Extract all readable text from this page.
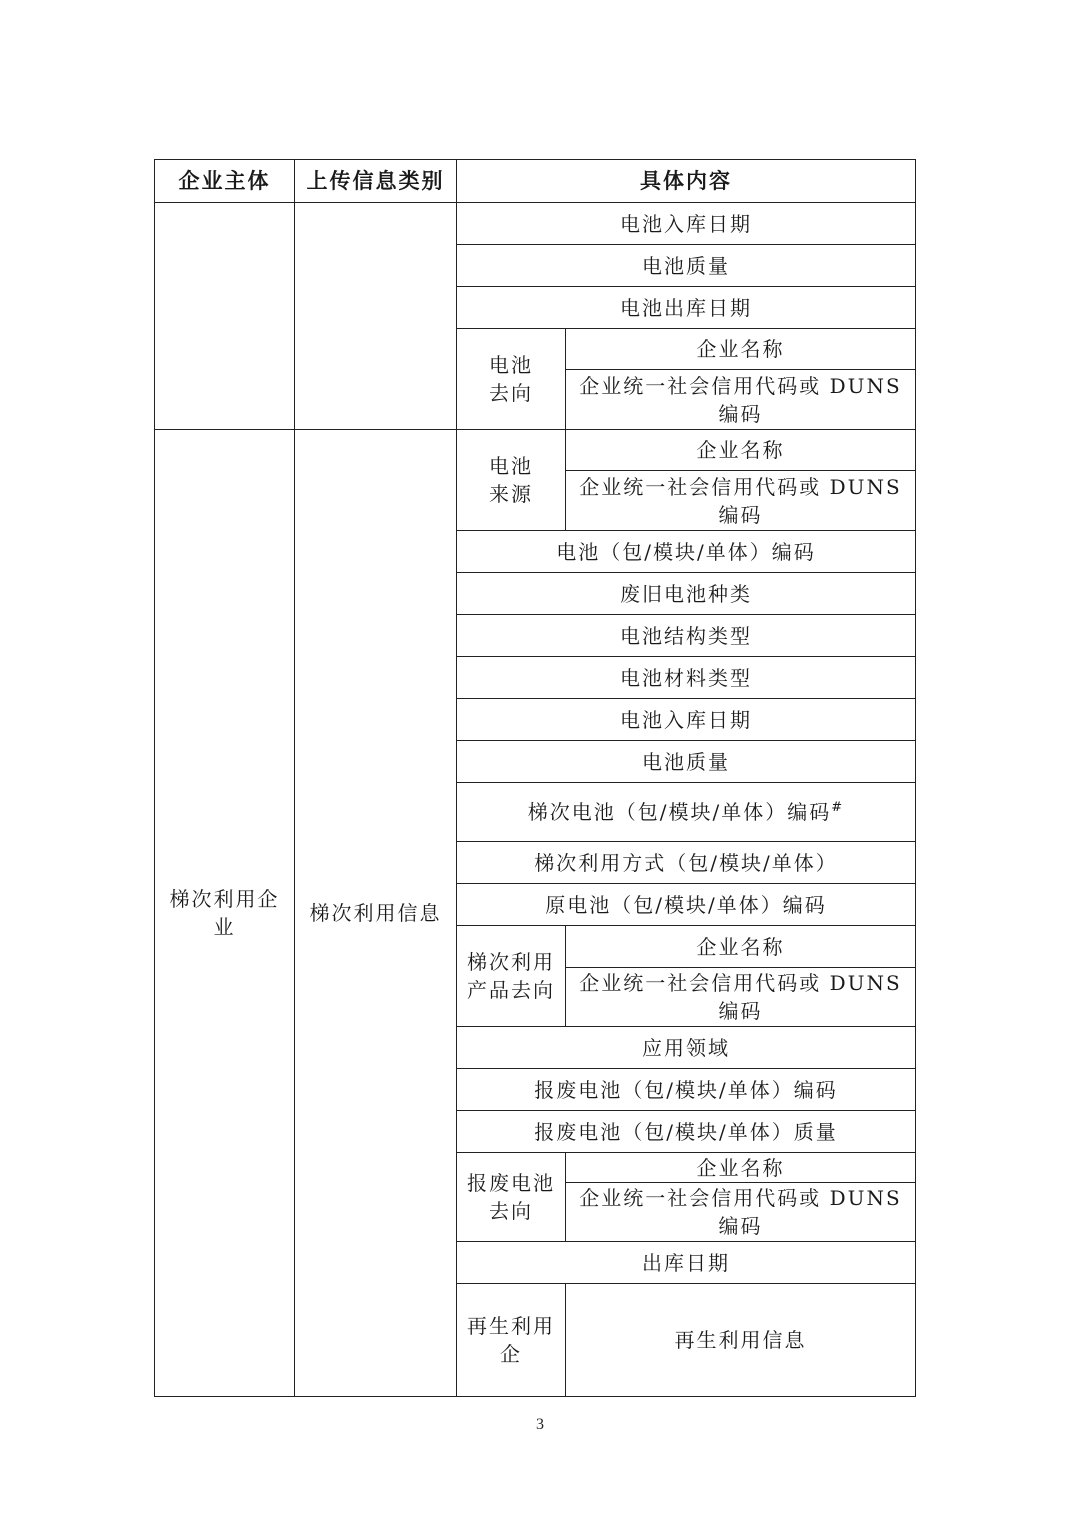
企业主体	上传信息类别	具体内容		
		电池入库日期		
		电池质量		
		电池出库日期		
		电池去向	企业名称	
			企业统一社会信用代码或 DUNS 编码	
梯次利用企业	梯次利用信息	电池来源	企业名称	
			企业统一社会信用代码或 DUNS 编码	
		电池（包/模块/单体）编码		
		废旧电池种类		
		电池结构类型		
		电池材料类型		
		电池入库日期		
		电池质量		
		梯次电池（包/模块/单体）编码#
		梯次利用方式（包/模块/单体）		
		原电池（包/模块/单体）编码		
		梯次利用产品去向	企业名称	
			企业统一社会信用代码或 DUNS 编码	
		应用领域		
		报废电池（包/模块/单体）编码		
		报废电池（包/模块/单体）质量		
		报废电池去向	企业名称	
			企业统一社会信用代码或 DUNS 编码	
		出库日期		
		再生利用企	再生利用信息		
3
